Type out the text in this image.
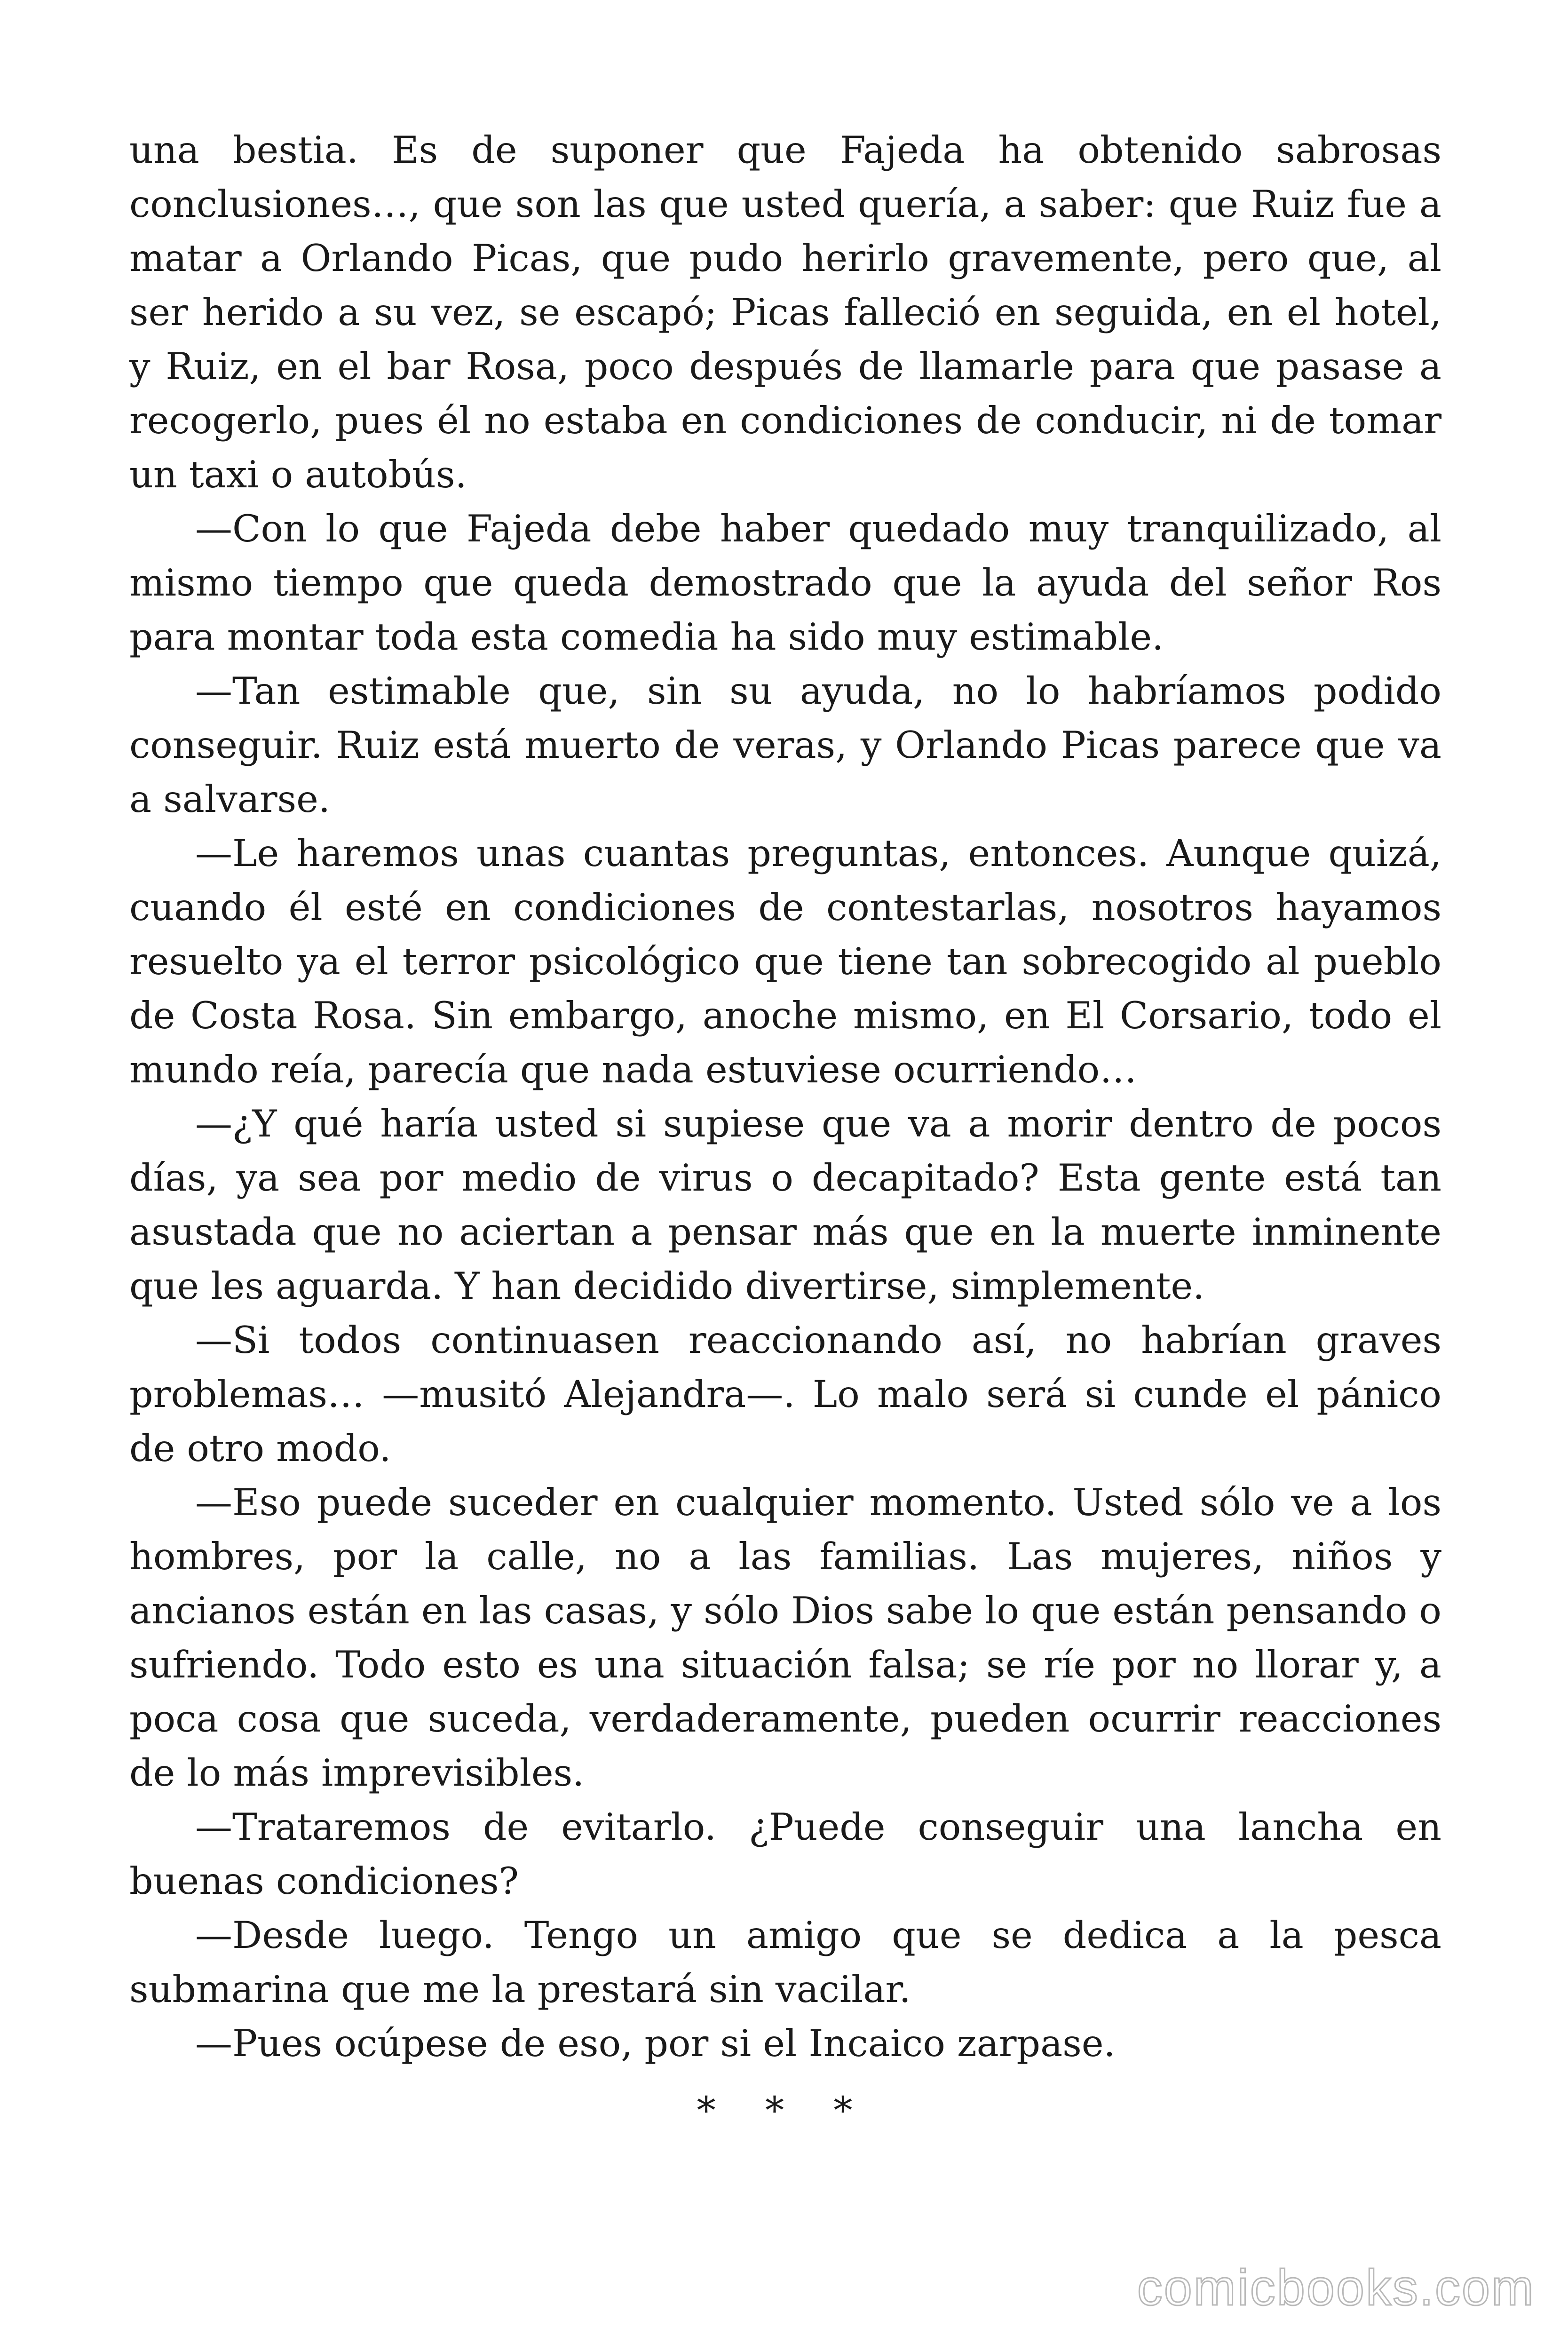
una bestia. Es de suponer que Fajeda ha obtenido sabrosas conclusiones…, que son las que usted quería, a saber: que Ruiz fue a matar a Orlando Picas, que pudo herirlo gravemente, pero que, al ser herido a su vez, se escapó; Picas falleció en seguida, en el hotel, y Ruiz, en el bar Rosa, poco después de llamarle para que pasase a recogerlo, pues él no estaba en condiciones de conducir, ni de tomar un taxi o autobús.

—Con lo que Fajeda debe haber quedado muy tranquilizado, al mismo tiempo que queda demostrado que la ayuda del señor Ros para montar toda esta comedia ha sido muy estimable.

—Tan estimable que, sin su ayuda, no lo habríamos podido conseguir. Ruiz está muerto de veras, y Orlando Picas parece que va a salvarse.

—Le haremos unas cuantas preguntas, entonces. Aunque quizá, cuando él esté en condiciones de contestarlas, nosotros hayamos resuelto ya el terror psicológico que tiene tan sobrecogido al pueblo de Costa Rosa. Sin embargo, anoche mismo, en El Corsario, todo el mundo reía, parecía que nada estuviese ocurriendo…

—¿Y qué haría usted si supiese que va a morir dentro de pocos días, ya sea por medio de virus o decapitado? Esta gente está tan asustada que no aciertan a pensar más que en la muerte inminente que les aguarda. Y han decidido divertirse, simplemente.

—Si todos continuasen reaccionando así, no habrían graves problemas… —musitó Alejandra—. Lo malo será si cunde el pánico de otro modo.

—Eso puede suceder en cualquier momento. Usted sólo ve a los hombres, por la calle, no a las familias. Las mujeres, niños y ancianos están en las casas, y sólo Dios sabe lo que están pensando o sufriendo. Todo esto es una situación falsa; se ríe por no llorar y, a poca cosa que suceda, verdaderamente, pueden ocurrir reacciones de lo más imprevisibles.

—Trataremos de evitarlo. ¿Puede conseguir una lancha en buenas condiciones?

—Desde luego. Tengo un amigo que se dedica a la pesca submarina que me la prestará sin vacilar.

—Pues ocúpese de eso, por si el Incaico zarpase.

* * *
comicbooks.com
